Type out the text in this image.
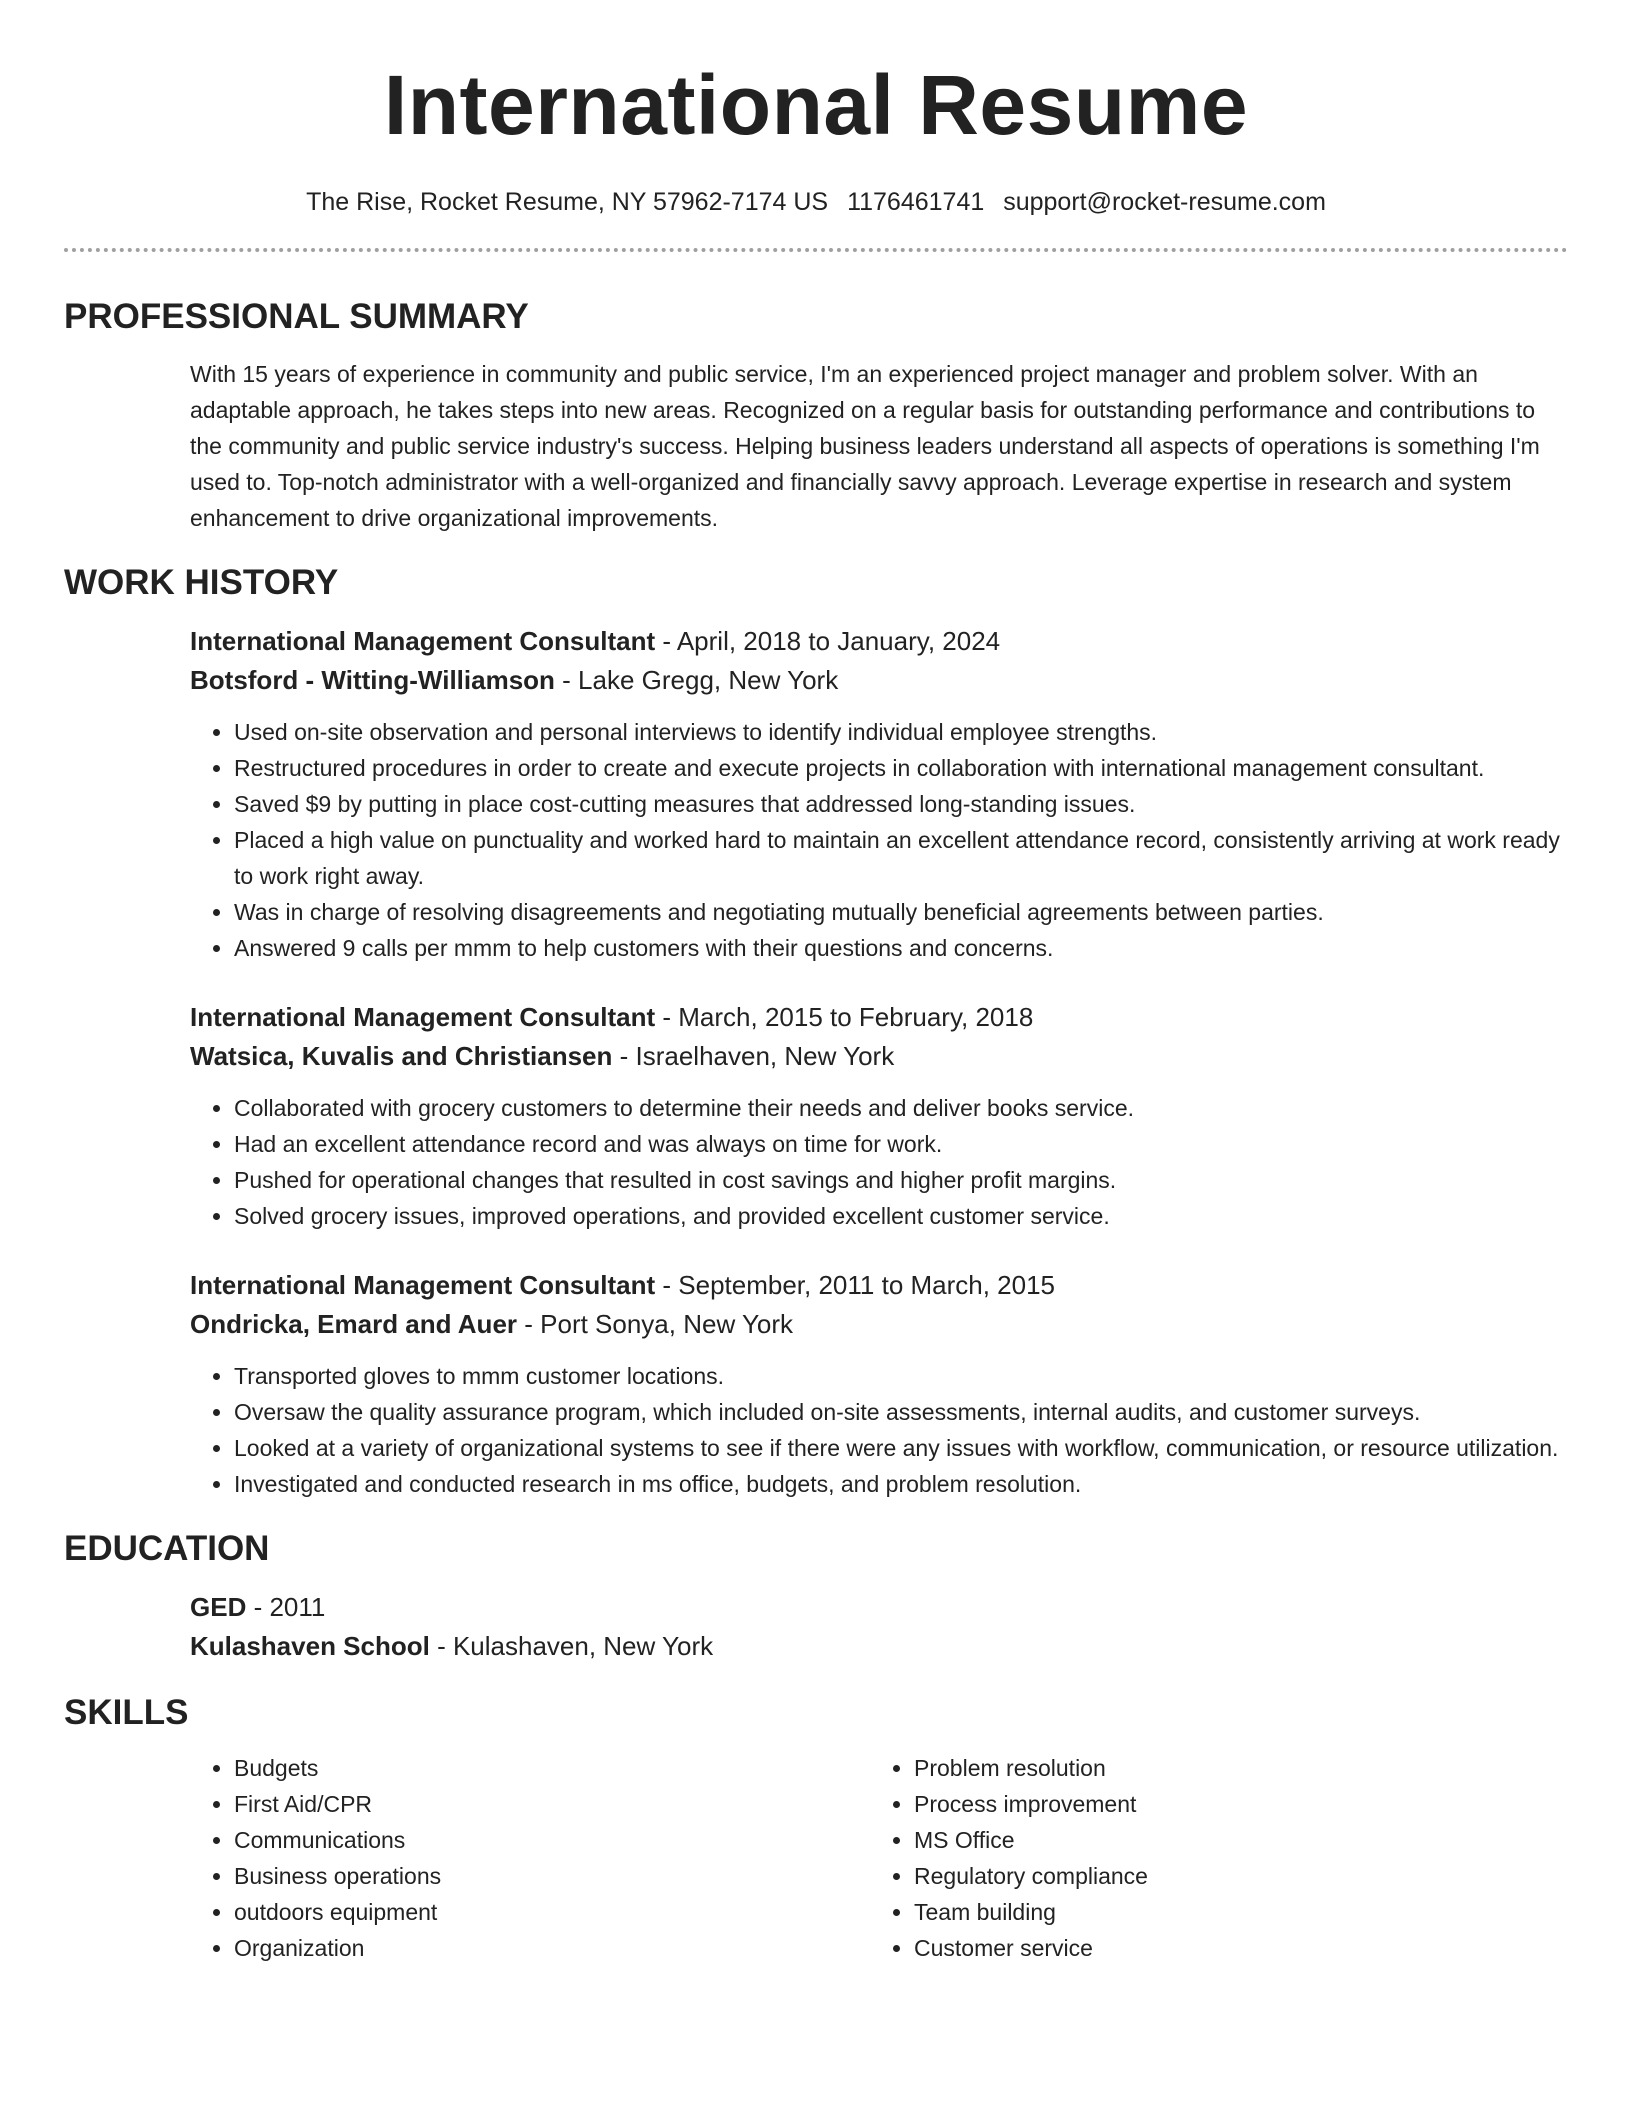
International Resume
The Rise, Rocket Resume, NY 57962-7174 US 1176461741 support@rocket-resume.com
PROFESSIONAL SUMMARY
With 15 years of experience in community and public service, I'm an experienced project manager and problem solver. With an adaptable approach, he takes steps into new areas. Recognized on a regular basis for outstanding performance and contributions to the community and public service industry's success. Helping business leaders understand all aspects of operations is something I'm used to. Top-notch administrator with a well-organized and financially savvy approach. Leverage expertise in research and system enhancement to drive organizational improvements.
WORK HISTORY
International Management Consultant - April, 2018 to January, 2024
Botsford - Witting-Williamson - Lake Gregg, New York
• Used on-site observation and personal interviews to identify individual employee strengths.
• Restructured procedures in order to create and execute projects in collaboration with international management consultant.
• Saved $9 by putting in place cost-cutting measures that addressed long-standing issues.
• Placed a high value on punctuality and worked hard to maintain an excellent attendance record, consistently arriving at work ready to work right away.
• Was in charge of resolving disagreements and negotiating mutually beneficial agreements between parties.
• Answered 9 calls per mmm to help customers with their questions and concerns.
International Management Consultant - March, 2015 to February, 2018
Watsica, Kuvalis and Christiansen - Israelhaven, New York
• Collaborated with grocery customers to determine their needs and deliver books service.
• Had an excellent attendance record and was always on time for work.
• Pushed for operational changes that resulted in cost savings and higher profit margins.
• Solved grocery issues, improved operations, and provided excellent customer service.
International Management Consultant - September, 2011 to March, 2015
Ondricka, Emard and Auer - Port Sonya, New York
• Transported gloves to mmm customer locations.
• Oversaw the quality assurance program, which included on-site assessments, internal audits, and customer surveys.
• Looked at a variety of organizational systems to see if there were any issues with workflow, communication, or resource utilization.
• Investigated and conducted research in ms office, budgets, and problem resolution.
EDUCATION
GED - 2011
Kulashaven School - Kulashaven, New York
SKILLS
• Budgets
• First Aid/CPR
• Communications
• Business operations
• outdoors equipment
• Organization
• Problem resolution
• Process improvement
• MS Office
• Regulatory compliance
• Team building
• Customer service
